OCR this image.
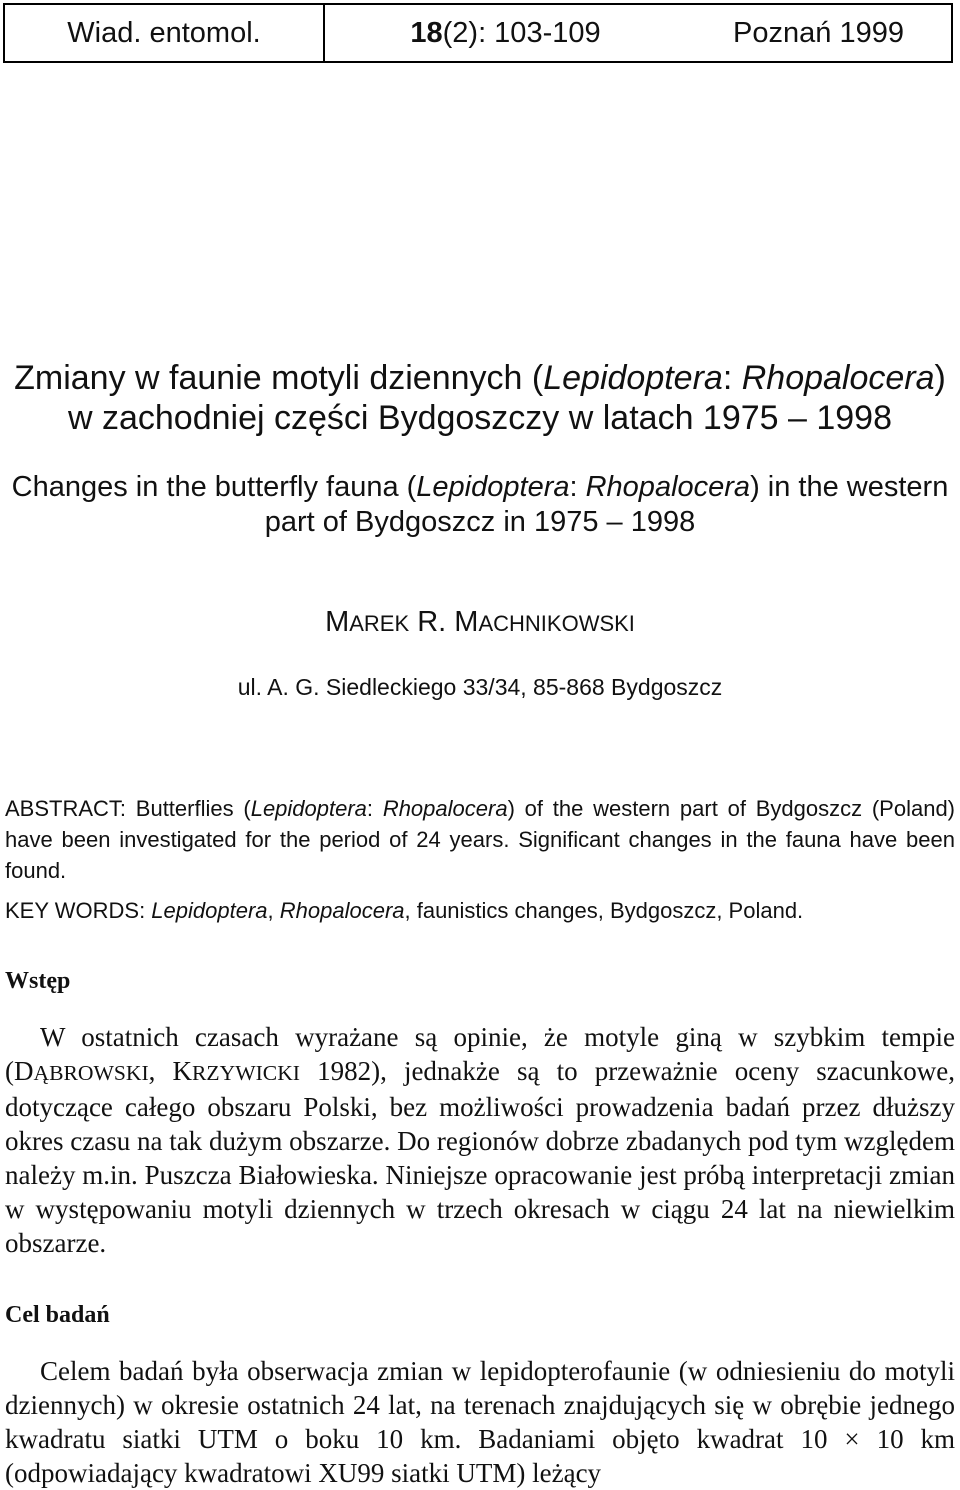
Wiad. entomol.	18 (2): 103-109	Poznań 1999
Zmiany w faunie motyli dziennych (Lepidoptera: Rhopalocera)
w zachodniej części Bydgoszczy w latach 1975 – 1998
Changes in the butterfly fauna (Lepidoptera: Rhopalocera) in the western
part of Bydgoszcz in 1975 – 1998
MAREK R. MACHNIKOWSKI
ul. A. G. Siedleckiego 33/34, 85-868 Bydgoszcz
ABSTRACT: Butterflies (Lepidoptera: Rhopalocera) of the western part of Bydgoszcz (Poland) have been investigated for the period of 24 years. Significant changes in the fauna have been found.
KEY WORDS: Lepidoptera, Rhopalocera, faunistics changes, Bydgoszcz, Poland.
Wstęp
W ostatnich czasach wyrażane są opinie, że motyle giną w szybkim tempie (DĄBROWSKI, KRZYWICKI 1982), jednakże są to przeważnie oceny szacunkowe, dotyczące całego obszaru Polski, bez możliwości prowadzenia badań przez dłuższy okres czasu na tak dużym obszarze. Do regionów dobrze zbadanych pod tym względem należy m.in. Puszcza Białowieska. Niniejsze opracowanie jest próbą interpretacji zmian w występowaniu motyli dziennych w trzech okresach w ciągu 24 lat na niewielkim obszarze.
Cel badań
Celem badań była obserwacja zmian w lepidopterofaunie (w odniesieniu do motyli dziennych) w okresie ostatnich 24 lat, na terenach znajdujących się w obrębie jednego kwadratu siatki UTM o boku 10 km. Badaniami objęto kwadrat 10 × 10 km (odpowiadający kwadratowi XU99 siatki UTM) leżący
